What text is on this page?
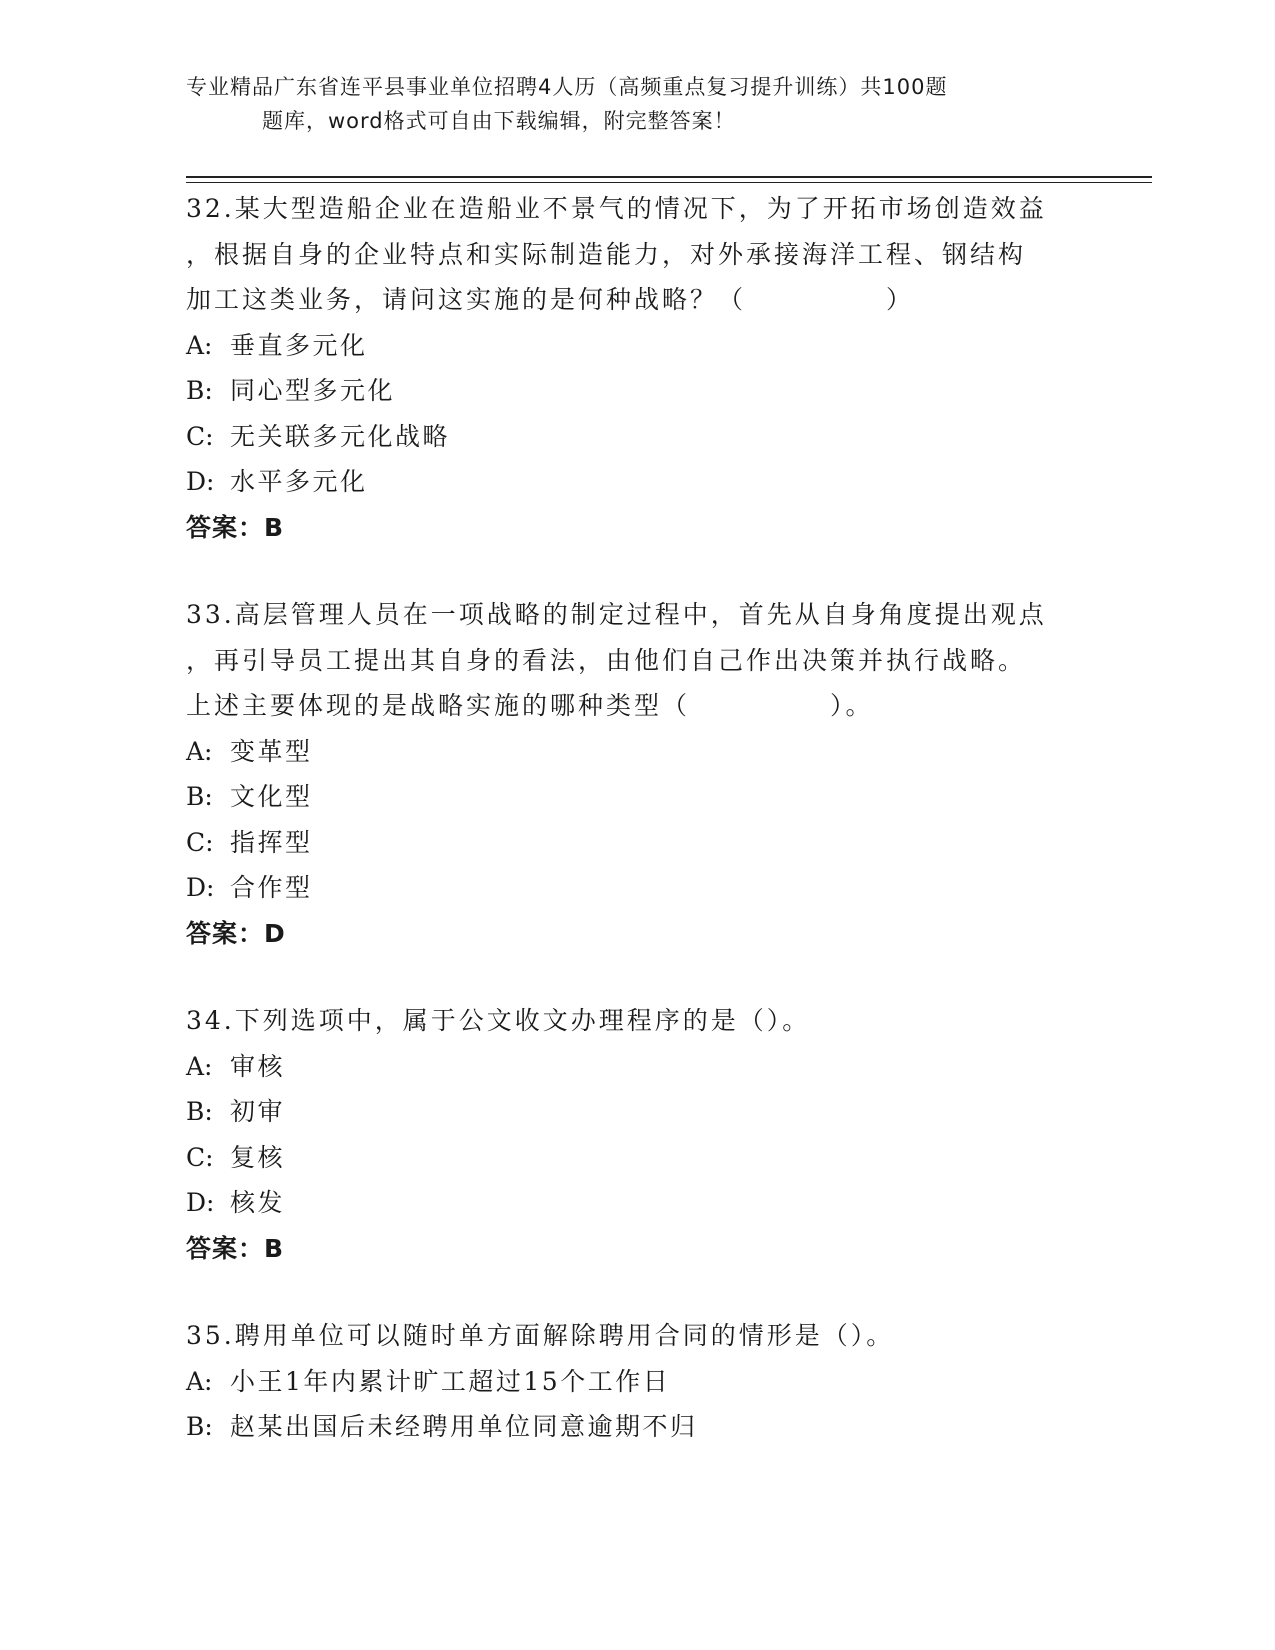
专业精品广东省连平县事业单位招聘4人历（高频重点复习提升训练）共100题
题库，word格式可自由下载编辑，附完整答案！
32.某大型造船企业在造船业不景气的情况下，为了开拓市场创造效益
，根据自身的企业特点和实际制造能力，对外承接海洋工程、钢结构
加工这类业务，请问这实施的是何种战略？（　　　　　）
A: 垂直多元化
B: 同心型多元化
C: 无关联多元化战略
D: 水平多元化
答案：B
33.高层管理人员在一项战略的制定过程中，首先从自身角度提出观点
，再引导员工提出其自身的看法，由他们自己作出决策并执行战略。
上述主要体现的是战略实施的哪种类型（　　　　　）。
A: 变革型
B: 文化型
C: 指挥型
D: 合作型
答案：D
34.下列选项中，属于公文收文办理程序的是（）。
A: 审核
B: 初审
C: 复核
D: 核发
答案：B
35.聘用单位可以随时单方面解除聘用合同的情形是（）。
A: 小王1年内累计旷工超过15个工作日
B: 赵某出国后未经聘用单位同意逾期不归
